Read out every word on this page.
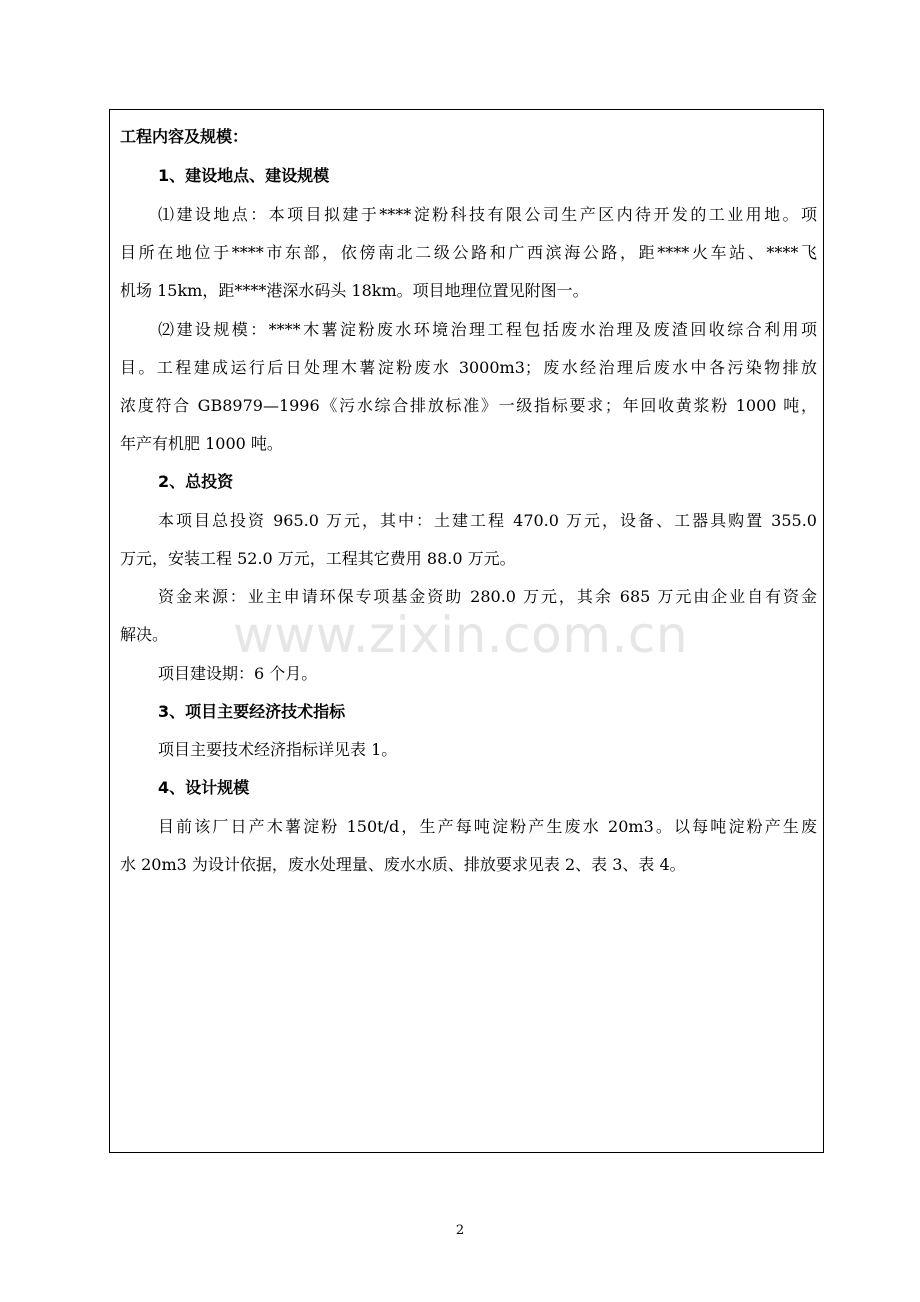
www.zixin.com.cn
工程内容及规模：
1、建设地点、建设规模
⑴建设地点：本项目拟建于****淀粉科技有限公司生产区内待开发的工业用地。项
目所在地位于****市东部，依傍南北二级公路和广西滨海公路，距****火车站、****飞
机场 15km，距****港深水码头 18km。项目地理位置见附图一。
⑵建设规模：****木薯淀粉废水环境治理工程包括废水治理及废渣回收综合利用项
目。工程建成运行后日处理木薯淀粉废水 3000m3；废水经治理后废水中各污染物排放
浓度符合 GB8979—1996《污水综合排放标准》一级指标要求；年回收黄浆粉 1000 吨，
年产有机肥 1000 吨。
2、总投资
本项目总投资 965.0 万元，其中：土建工程 470.0 万元，设备、工器具购置 355.0
万元，安装工程 52.0 万元，工程其它费用 88.0 万元。
资金来源：业主申请环保专项基金资助 280.0 万元，其余 685 万元由企业自有资金
解决。
项目建设期：6 个月。
3、项目主要经济技术指标
项目主要技术经济指标详见表 1。
4、设计规模
目前该厂日产木薯淀粉 150t/d，生产每吨淀粉产生废水 20m3。以每吨淀粉产生废
水 20m3 为设计依据，废水处理量、废水水质、排放要求见表 2、表 3、表 4。
2
